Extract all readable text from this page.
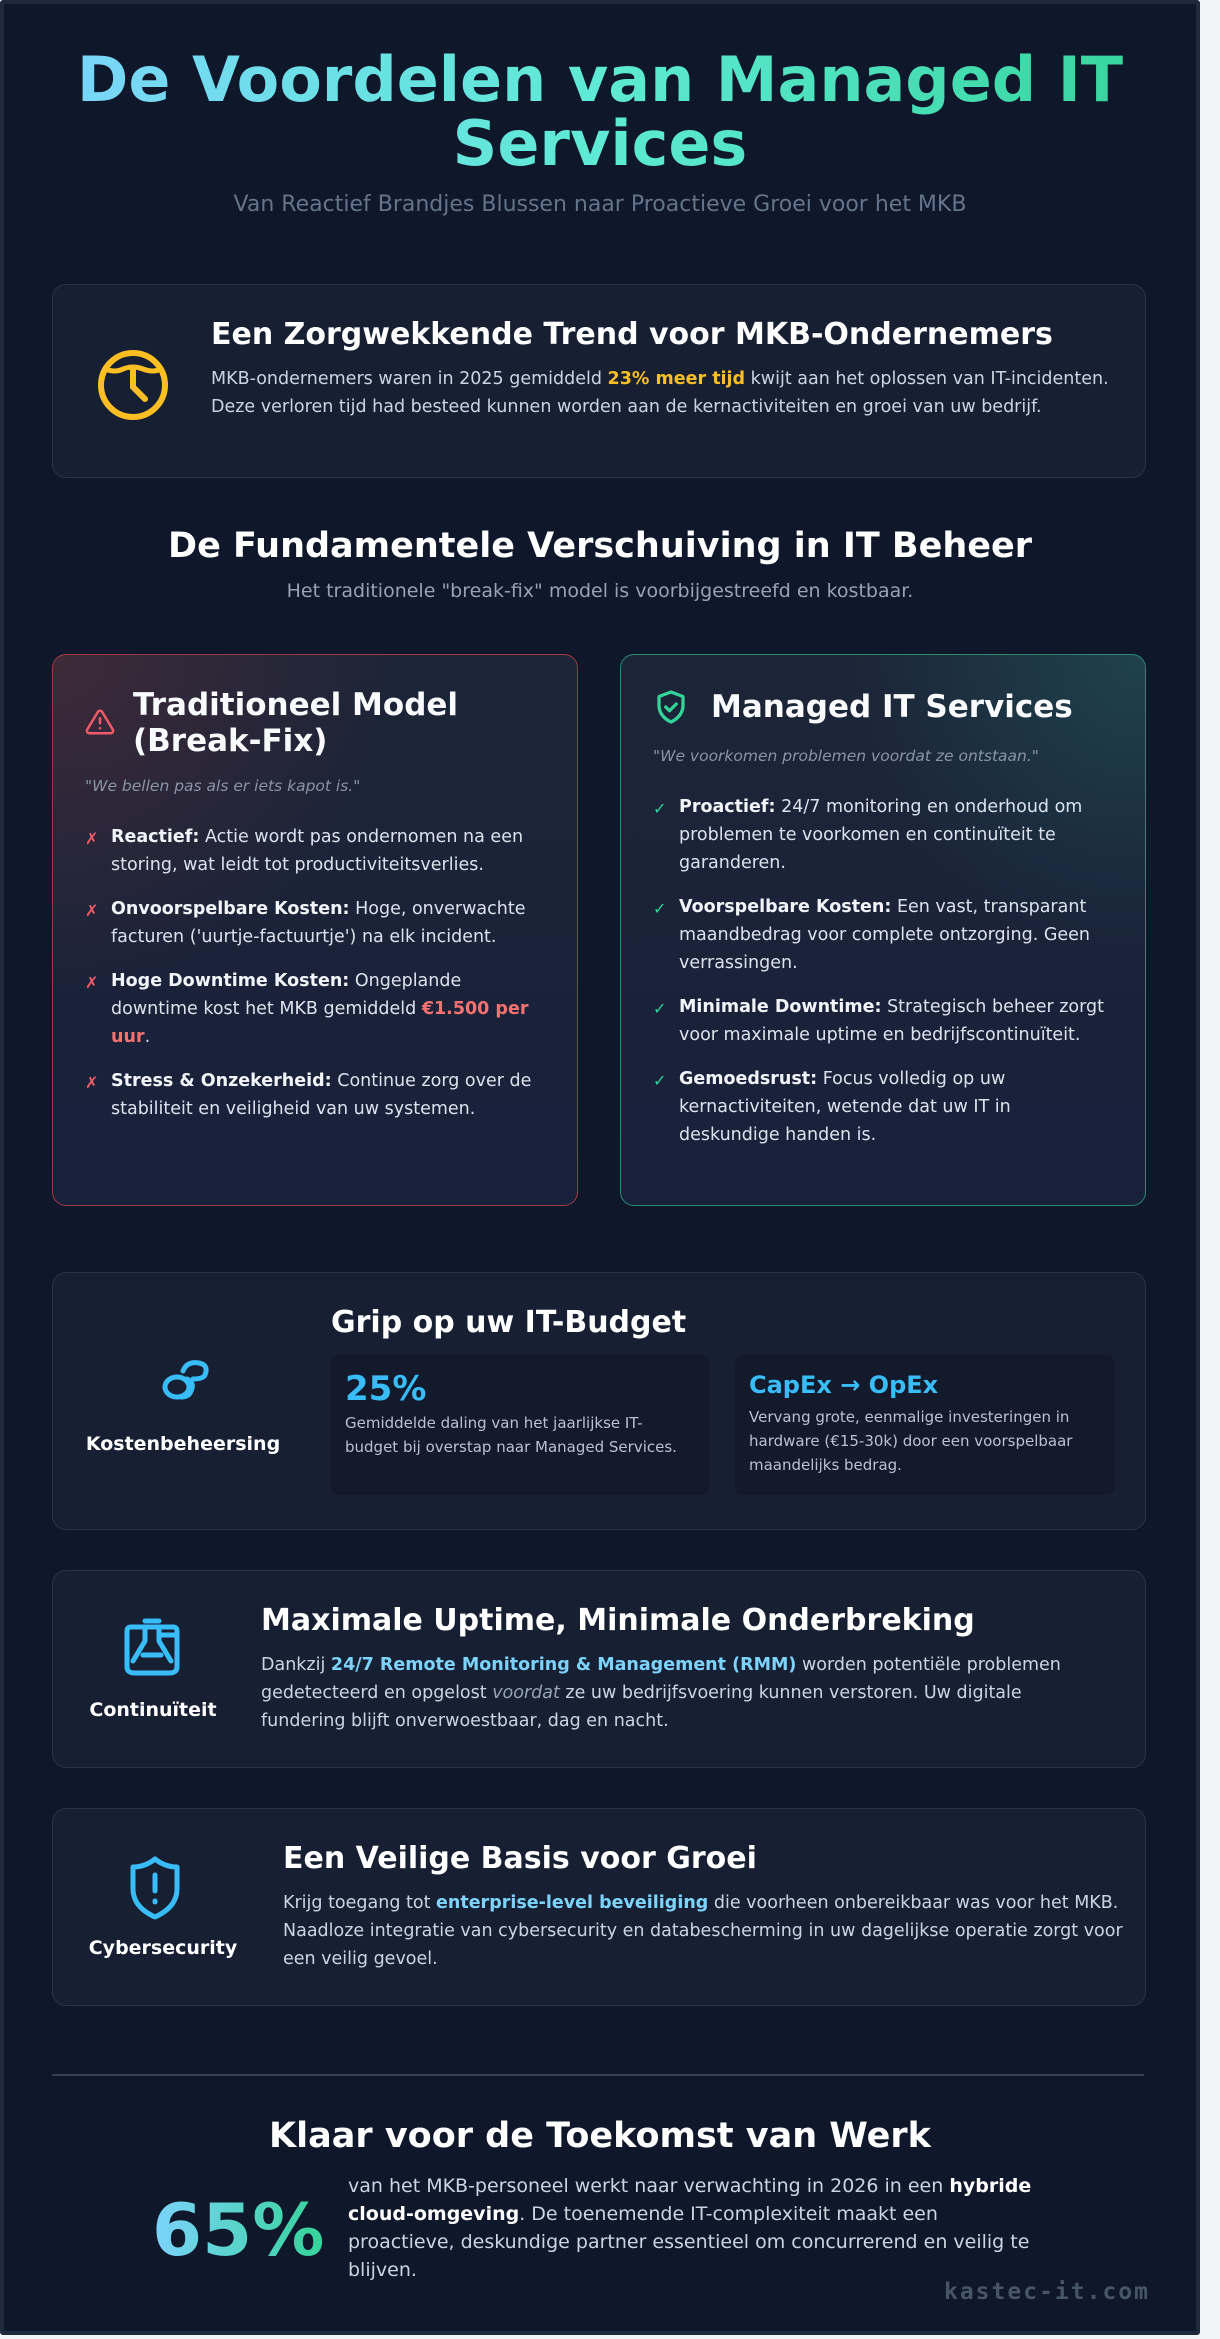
De Voordelen van Managed IT
Services
Van Reactief Brandjes Blussen naar Proactieve Groei voor het MKB
Een Zorgwekkende Trend voor MKB-Ondernemers
MKB-ondernemers waren in 2025 gemiddeld 23% meer tijd kwijt aan het oplossen van IT-incidenten. Deze verloren tijd had besteed kunnen worden aan de kernactiviteiten en groei van uw bedrijf.
De Fundamentele Verschuiving in IT Beheer
Het traditionele "break-fix" model is voorbijgestreefd en kostbaar.
Traditioneel Model
(Break-Fix)
"We bellen pas als er iets kapot is."
✗ Reactief: Actie wordt pas ondernomen na een storing, wat leidt tot productiviteitsverlies.
✗ Onvoorspelbare Kosten: Hoge, onverwachte facturen ('uurtje-factuurtje') na elk incident.
✗ Hoge Downtime Kosten: Ongeplande downtime kost het MKB gemiddeld €1.500 per uur.
✗ Stress & Onzekerheid: Continue zorg over de stabiliteit en veiligheid van uw systemen.
Managed IT Services
"We voorkomen problemen voordat ze ontstaan."
✓ Proactief: 24/7 monitoring en onderhoud om problemen te voorkomen en continuïteit te garanderen.
✓ Voorspelbare Kosten: Een vast, transparant maandbedrag voor complete ontzorging. Geen verrassingen.
✓ Minimale Downtime: Strategisch beheer zorgt voor maximale uptime en bedrijfscontinuïteit.
✓ Gemoedsrust: Focus volledig op uw kernactiviteiten, wetende dat uw IT in deskundige handen is.
Kostenbeheersing
Grip op uw IT-Budget
25%
Gemiddelde daling van het jaarlijkse IT-budget bij overstap naar Managed Services.
CapEx → OpEx
Vervang grote, eenmalige investeringen in hardware (€15-30k) door een voorspelbaar maandelijks bedrag.
Continuïteit
Maximale Uptime, Minimale Onderbreking
Dankzij 24/7 Remote Monitoring & Management (RMM) worden potentiële problemen gedetecteerd en opgelost voordat ze uw bedrijfsvoering kunnen verstoren. Uw digitale fundering blijft onverwoestbaar, dag en nacht.
Cybersecurity
Een Veilige Basis voor Groei
Krijg toegang tot enterprise-level beveiliging die voorheen onbereikbaar was voor het MKB. Naadloze integratie van cybersecurity en databescherming in uw dagelijkse operatie zorgt voor een veilig gevoel.
Klaar voor de Toekomst van Werk
65%
van het MKB-personeel werkt naar verwachting in 2026 in een hybride cloud-omgeving. De toenemende IT-complexiteit maakt een proactieve, deskundige partner essentieel om concurrerend en veilig te blijven.
kastec-it.com
